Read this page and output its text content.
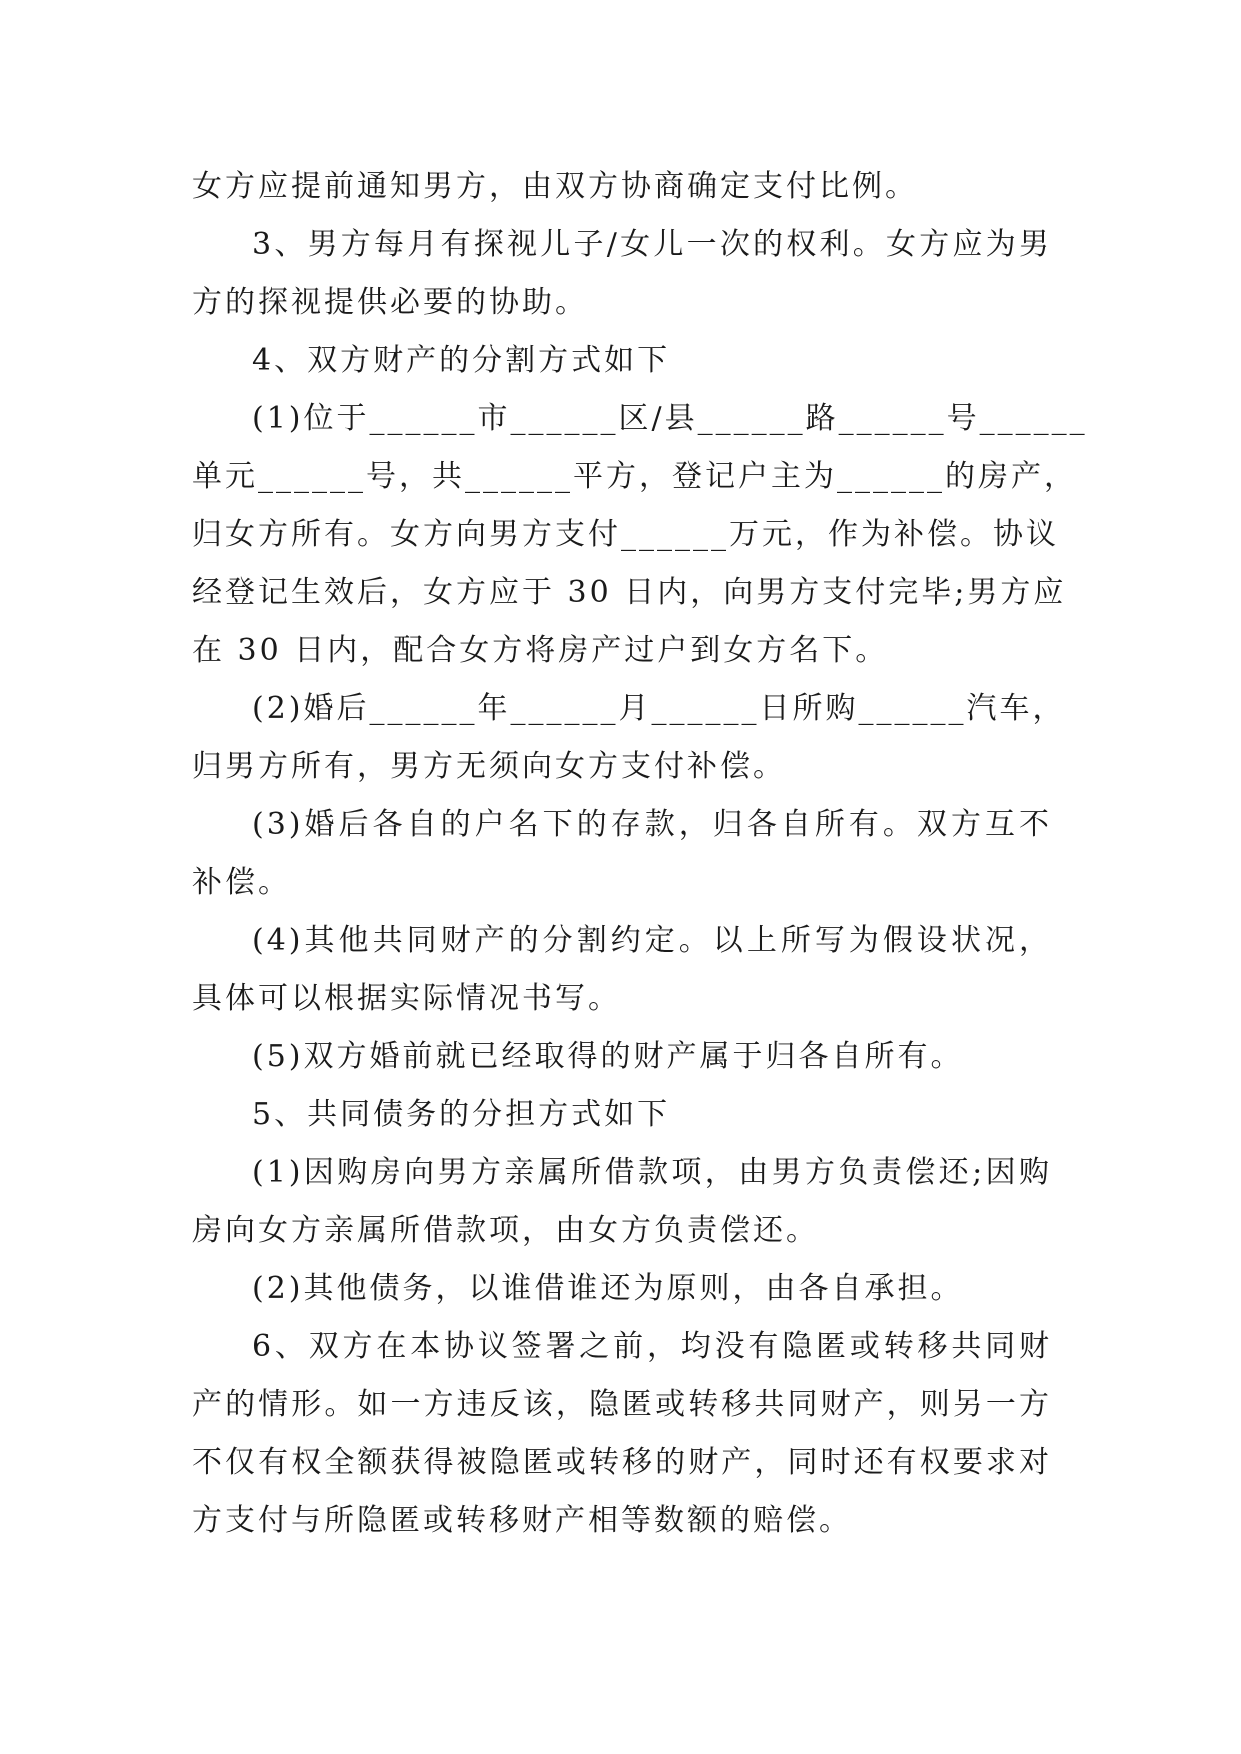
女方应提前通知男方，由双方协商确定支付比例。
3、男方每月有探视儿子/女儿一次的权利。女方应为男
方的探视提供必要的协助。
4、双方财产的分割方式如下
(1)位于______市______区/县______路______号______
单元______号，共______平方，登记户主为______的房产，
归女方所有。女方向男方支付______万元，作为补偿。协议
经登记生效后，女方应于 30 日内，向男方支付完毕;男方应
在 30 日内，配合女方将房产过户到女方名下。
(2)婚后______年______月______日所购______汽车，
归男方所有，男方无须向女方支付补偿。
(3)婚后各自的户名下的存款，归各自所有。双方互不
补偿。
(4)其他共同财产的分割约定。以上所写为假设状况，
具体可以根据实际情况书写。
(5)双方婚前就已经取得的财产属于归各自所有。
5、共同债务的分担方式如下
(1)因购房向男方亲属所借款项，由男方负责偿还;因购
房向女方亲属所借款项，由女方负责偿还。
(2)其他债务，以谁借谁还为原则，由各自承担。
6、双方在本协议签署之前，均没有隐匿或转移共同财
产的情形。如一方违反该，隐匿或转移共同财产，则另一方
不仅有权全额获得被隐匿或转移的财产，同时还有权要求对
方支付与所隐匿或转移财产相等数额的赔偿。
